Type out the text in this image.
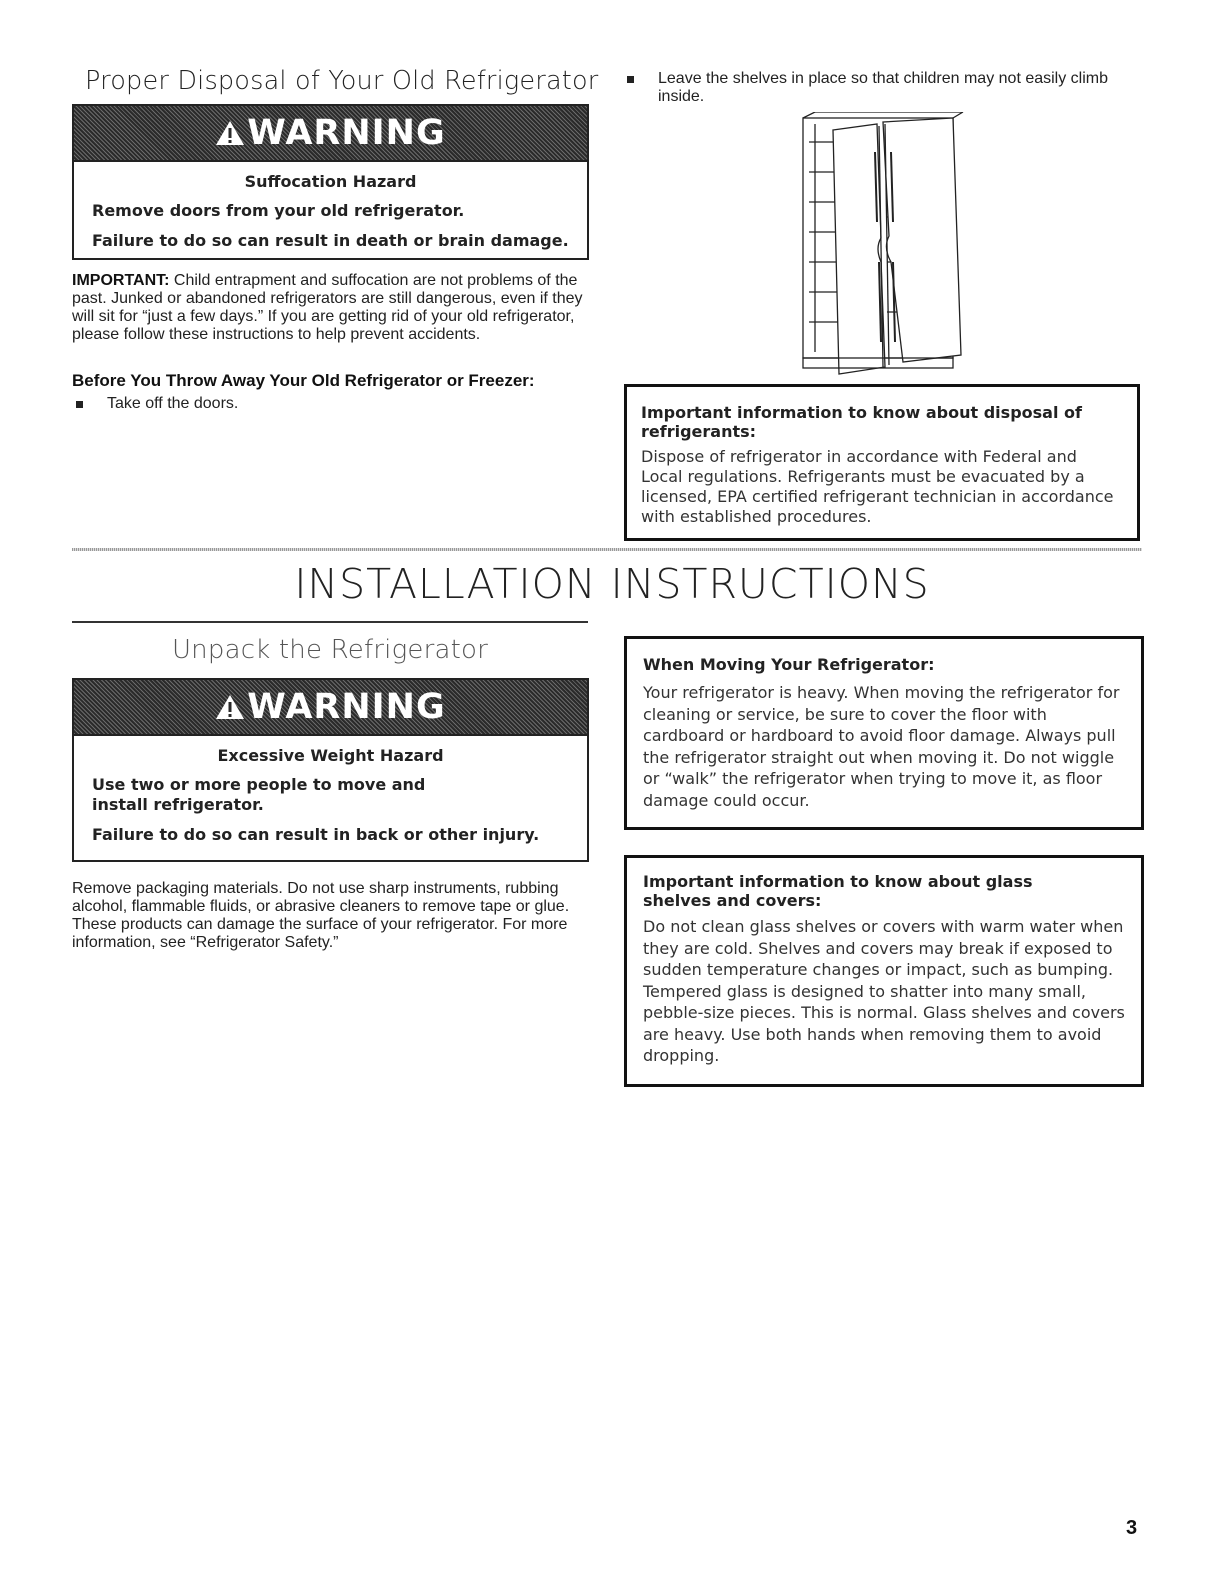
Proper Disposal of Your Old Refrigerator
WARNING
Suffocation Hazard
Remove doors from your old refrigerator.
Failure to do so can result in death or brain damage.
IMPORTANT: Child entrapment and suffocation are not problems of the past. Junked or abandoned refrigerators are still dangerous, even if they will sit for “just a few days.” If you are getting rid of your old refrigerator, please follow these instructions to help prevent accidents.
Before You Throw Away Your Old Refrigerator or Freezer:
Take off the doors.
Leave the shelves in place so that children may not easily climb inside.
Important information to know about disposal of refrigerants:
Dispose of refrigerator in accordance with Federal and Local regulations. Refrigerants must be evacuated by a licensed, EPA certified refrigerant technician in accordance with established procedures.
INSTALLATION INSTRUCTIONS
Unpack the Refrigerator
WARNING
Excessive Weight Hazard
Use two or more people to move and install refrigerator.
Failure to do so can result in back or other injury.
Remove packaging materials. Do not use sharp instruments, rubbing alcohol, flammable fluids, or abrasive cleaners to remove tape or glue. These products can damage the surface of your refrigerator. For more information, see “Refrigerator Safety.”
When Moving Your Refrigerator:
Your refrigerator is heavy. When moving the refrigerator for cleaning or service, be sure to cover the floor with cardboard or hardboard to avoid floor damage. Always pull the refrigerator straight out when moving it. Do not wiggle or “walk” the refrigerator when trying to move it, as floor damage could occur.
Important information to know about glass shelves and covers:
Do not clean glass shelves or covers with warm water when they are cold. Shelves and covers may break if exposed to sudden temperature changes or impact, such as bumping. Tempered glass is designed to shatter into many small, pebble-size pieces. This is normal. Glass shelves and covers are heavy. Use both hands when removing them to avoid dropping.
3
